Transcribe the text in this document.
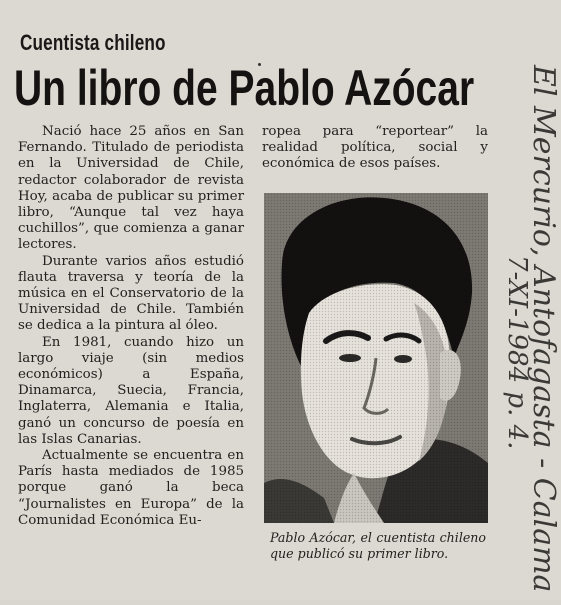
Cuentista chileno
Un libro de Pablo Azócar

Nació hace 25 años en San Fernando. Titulado de periodista en la Universidad de Chile, redactor colaborador de revista Hoy, acaba de publicar su primer libro, “Aunque tal vez haya cuchillos”, que comienza a ganar lectores.

Durante varios años estudió flauta traversa y teoría de la música en el Conservatorio de la Universidad de Chile. También se dedica a la pintura al óleo.

En 1981, cuando hizo un largo viaje (sin medios económicos) a España, Dinamarca, Suecia, Francia, Inglaterra, Alemania e Italia, ganó un concurso de poesía en las Islas Canarias.

Actualmente se encuentra en París hasta mediados de 1985 porque ganó la beca “Journalistes en Europa” de la Comunidad Económica Eu-

ropea para “reportear” la realidad política, social y económica de esos países.

Pablo Azócar, el cuentista chileno que publicó su primer libro.	El Mercurio, Antofagasta - Calama
7-XI-1984 p. 4.
